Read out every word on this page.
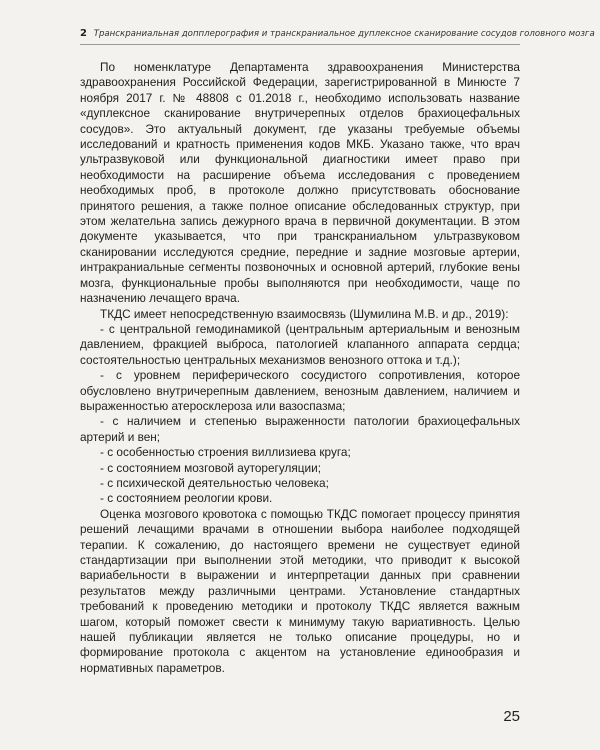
2 Транскраниальная допплерография и транскраниальное дуплексное сканирование сосудов головного мозга

По номенклатуре Департамента здравоохранения Министерства здравоохранения Российской Федерации, зарегистрированной в Минюсте 7 ноября 2017 г. № 48808 с 01.2018 г., необходимо использовать название «дуплексное сканирование внутричерепных отделов брахиоцефальных сосудов». Это актуальный документ, где указаны требуемые объемы исследований и кратность применения кодов МКБ. Указано также, что врач ультразвуковой или функциональной диагностики имеет право при необходимости на расширение объема исследования с проведением необходимых проб, в протоколе должно присутствовать обоснование принятого решения, а также полное описание обследованных структур, при этом желательна запись дежурного врача в первичной документации. В этом документе указывается, что при транскраниальном ультразвуковом сканировании исследуются средние, передние и задние мозговые артерии, интракраниальные сегменты позвоночных и основной артерий, глубокие вены мозга, функциональные пробы выполняются при необходимости, чаще по назначению лечащего врача.

ТКДС имеет непосредственную взаимосвязь (Шумилина М.В. и др., 2019):

- с центральной гемодинамикой (центральным артериальным и венозным давлением, фракцией выброса, патологией клапанного аппарата сердца; состоятельностью центральных механизмов венозного оттока и т.д.);

- с уровнем периферического сосудистого сопротивления, которое обусловлено внутричерепным давлением, венозным давлением, наличием и выраженностью атеросклероза или вазоспазма;

- с наличием и степенью выраженности патологии брахиоцефальных артерий и вен;

- с особенностью строения виллизиева круга;

- с состоянием мозговой ауторегуляции;

- с психической деятельностью человека;

- с состоянием реологии крови.

Оценка мозгового кровотока с помощью ТКДС помогает процессу принятия решений лечащими врачами в отношении выбора наиболее подходящей терапии. К сожалению, до настоящего времени не существует единой стандартизации при выполнении этой методики, что приводит к высокой вариабельности в выражении и интерпретации данных при сравнении результатов между различными центрами. Установление стандартных требований к проведению методики и протоколу ТКДС является важным шагом, который поможет свести к минимуму такую вариативность. Целью нашей публикации является не только описание процедуры, но и формирование протокола с акцентом на установление единообразия и нормативных параметров.

25
